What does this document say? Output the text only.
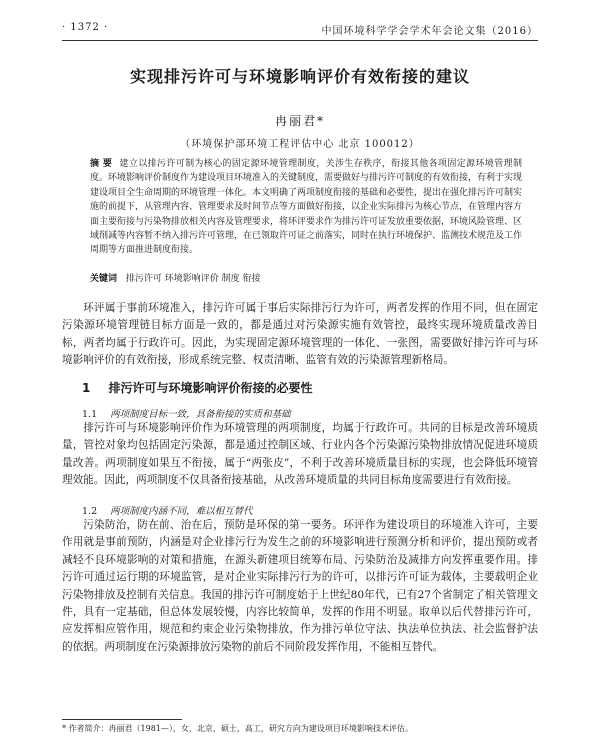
· 1372 ·	中国环境科学学会学术年会论文集（2016）
实现排污许可与环境影响评价有效衔接的建议
冉丽君*
（环境保护部环境工程评估中心 北京 100012）
摘 要 建立以排污许可制为核心的固定源环境管理制度，关涉生存秩序，衔接其他各项固定源环境管理制度。环境影响评价制度作为建设项目环境准入的关键制度，需要做好与排污许可制度的有效衔接，有利于实现建设项目全生命周期的环境管理一体化。本文明确了两项制度衔接的基础和必要性，提出在强化排污许可制实施的前提下，从管理内容、管理要求及时间节点等方面做好衔接，以企业实际排污为核心节点，在管理内容方面主要衔接与污染物排放相关内容及管理要求，将环评要求作为排污许可证发放重要依据，环境风险管理、区域削减等内容暂不纳入排污许可管理，在已领取许可证之前落实，同时在执行环境保护、监测技术规范及工作周期等方面推进制度衔接。
关键词 排污许可 环境影响评价 制度 衔接
环评属于事前环境准入，排污许可属于事后实际排污行为许可，两者发挥的作用不同，但在固定污染源环境管理链目标方面是一致的，都是通过对污染源实施有效管控，最终实现环境质量改善目标，两者均属于行政许可。因此，为实现固定源环境管理的一体化、一张图，需要做好排污许可与环境影响评价的有效衔接，形成系统完整、权责清晰、监管有效的污染源管理新格局。
1 排污许可与环境影响评价衔接的必要性
1.1 两项制度目标一致，具备衔接的实质和基础
排污许可与环境影响评价作为环境管理的两项制度，均属于行政许可。共同的目标是改善环境质量，管控对象均包括固定污染源，都是通过控制区域、行业内各个污染源污染物排放情况促进环境质量改善。两项制度如果互不衔接，属于“两张皮”，不利于改善环境质量目标的实现，也会降低环境管理效能。因此，两项制度不仅具备衔接基础，从改善环境质量的共同目标角度需要进行有效衔接。
1.2 两项制度内涵不同，难以相互替代
污染防治，防在前、治在后，预防是环保的第一要务。环评作为建设项目的环境准入许可，主要作用就是事前预防，内涵是对企业排污行为发生之前的环境影响进行预测分析和评价，提出预防或者减轻不良环境影响的对策和措施，在源头新建项目统筹布局、污染防治及减排方向发挥重要作用。排污许可通过运行期的环境监管，是对企业实际排污行为的许可，以排污许可证为载体，主要载明企业污染物排放及控制有关信息。我国的排污许可制度始于上世纪80年代，已有27个省制定了相关管理文件，具有一定基础，但总体发展较慢，内容比较简单，发挥的作用不明显。取单以后代替排污许可，应发挥相应管作用，规范和约束企业污染物排放，作为排污单位守法、执法单位执法、社会监督护法的依据。两项制度在污染源排放污染物的前后不同阶段发挥作用，不能相互替代。
* 作者简介：冉丽君（1981—），女，北京，硕士，高工，研究方向为建设项目环境影响技术评估。
